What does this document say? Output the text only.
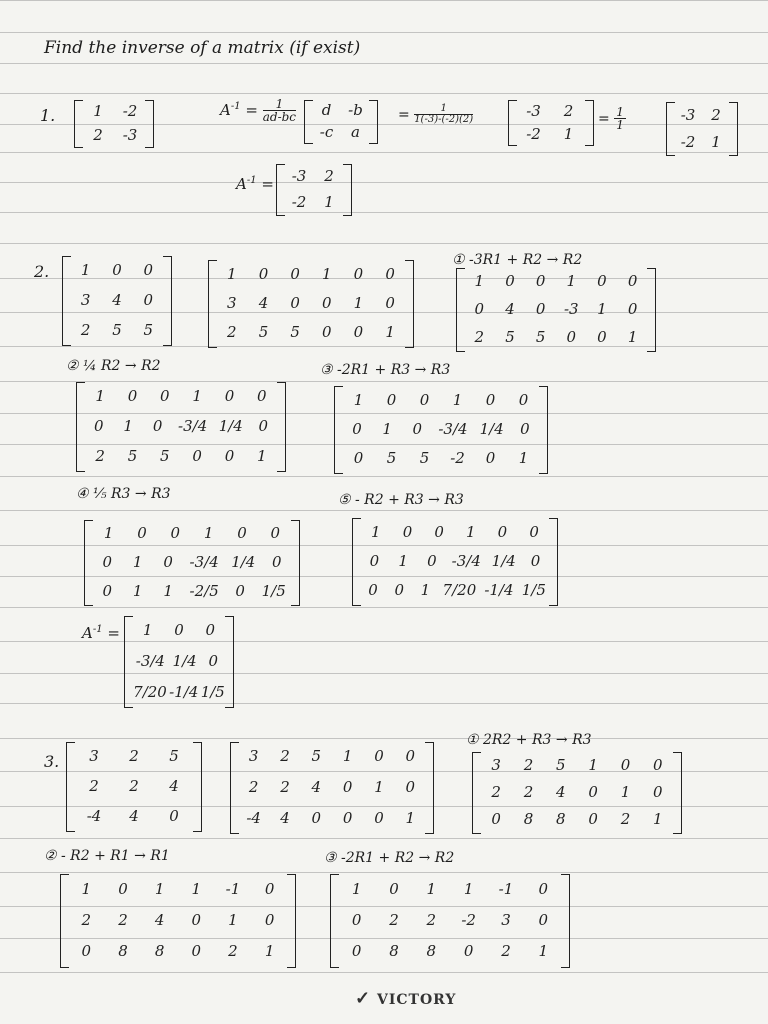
Find the inverse of a matrix (if exist)
1.	1 -2
2 -3
$A^{-1} = \frac{1}{ad-bc}$ d -b
-c	a
= $\frac{1}{1(-3)-(-2)(2)}$	-3 2
-2 1
= $\frac{1}{1}$	-3 2
-2 1
$A^{-1} = -3$ 2
-2 1
2. 1 0 0
3 4 0
2 5 5
1 0 0 1 0 0
3 4 0 0 1 0
2 5 5 0 0 1
① -3R1 + R2 → R2
1 0 0 1 0 0
0 4 0 -3 1 0
2 5 5 0 0 1
② ¼ R2 → R2
1 0 0 1 0 0
0 1 0 -3/4 1/4 0
2 5 5 0 0 1
③ -2R1 + R3 → R3
1 0 0 1 0 0
0 1 0 -3/4 1/4 0
0 5 5 -2 0 1
④ ⅕ R3 → R3
1 0 0 1 0 0
0 1 0 -3/4 1/4 0
0 1 1 -2/5 0 1/5
⑤ - R2 + R3 → R3
1 0 0 1 0 0
0 1 0 -3/4 1/4 0
0 0 1 7/20 -1/4 1/5
$A^{-1} = 1$ 0 0
-3/4 1/4 0
7/20 -1/4 1/5
3. 3 2 5
2 2 4
-4 4 0
3 2 5 1 0 0
2 2 4 0 1 0
-4 4 0 0 0 1
① 2R2 + R3 → R3
3 2 5 1 0 0
2 2 4 0 1 0
0 8 8 0 2 1
② - R2 + R1 → R1
1 0 1 1 -1 0
2 2 4 0 1 0
0 8 8 0 2 1
③ -2R1 + R2 → R2
1 0 1 1 -1 0
0 2 2 -2 3 0
0 8 8 0 2 1
✓ VICTORY
